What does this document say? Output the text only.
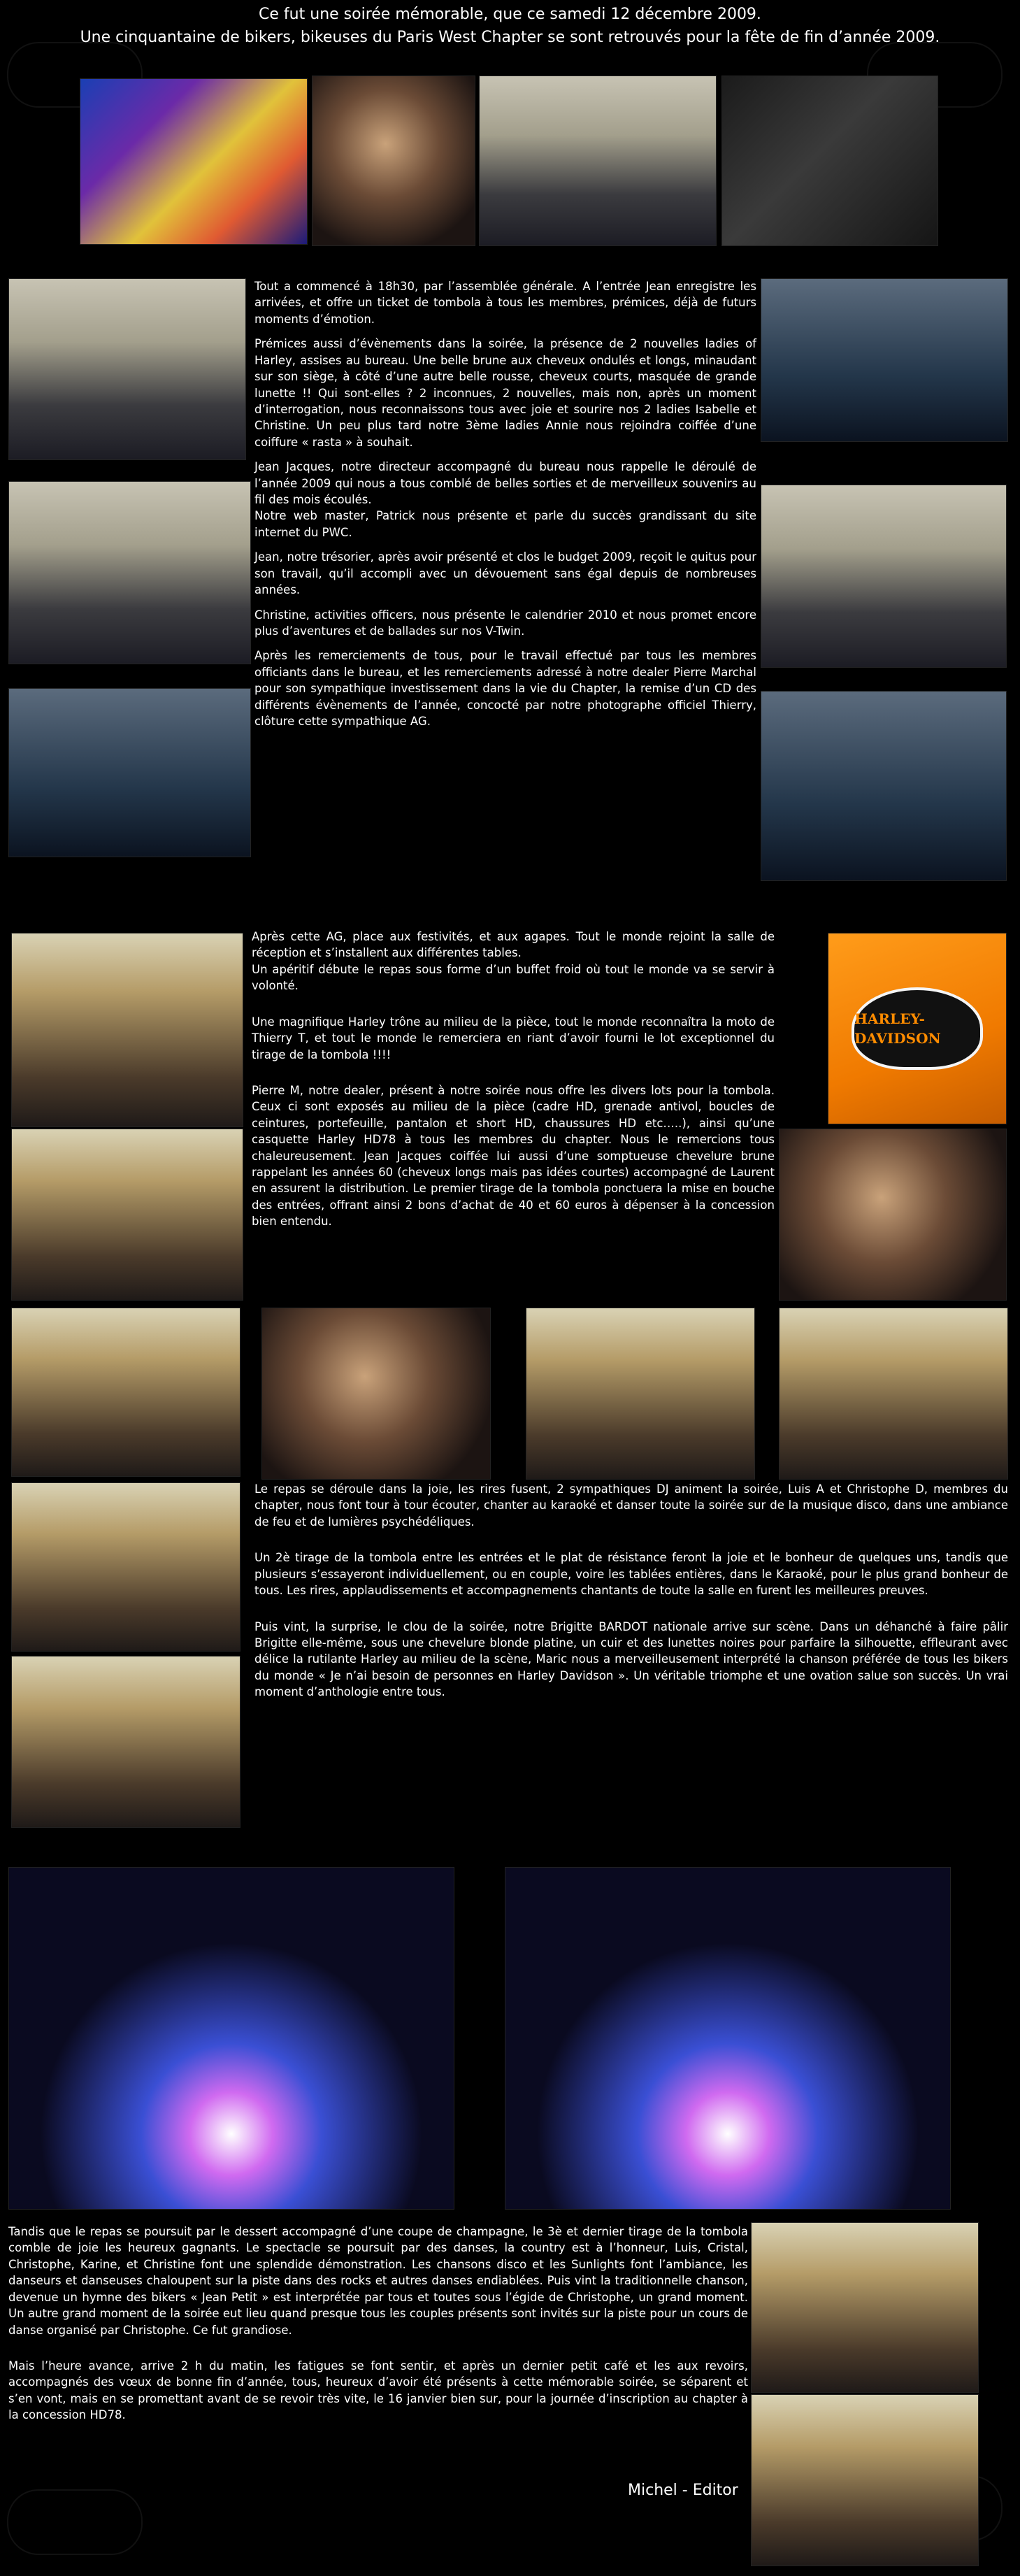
Ce fut une soirée mémorable, que ce samedi 12 décembre 2009.
Une cinquantaine de bikers, bikeuses du Paris West Chapter se sont retrouvés pour la fête de fin d’année 2009.

Tout a commencé à 18h30, par l’assemblée générale. A l’entrée Jean enregistre les arrivées, et offre un ticket de tombola à tous les membres, prémices, déjà de futurs moments d’émotion.

Prémices aussi d’évènements dans la soirée, la présence de 2 nouvelles ladies of Harley, assises au bureau. Une belle brune aux cheveux ondulés et longs, minaudant sur son siège, à côté d’une autre belle rousse, cheveux courts, masquée de grande lunette !! Qui sont-elles ? 2 inconnues, 2 nouvelles, mais non, après un moment d’interrogation, nous reconnaissons tous avec joie et sourire nos 2 ladies Isabelle et Christine. Un peu plus tard notre 3ème ladies Annie nous rejoindra coiffée d’une coiffure « rasta » à souhait.

Jean Jacques, notre directeur accompagné du bureau nous rappelle le déroulé de l’année 2009 qui nous a tous comblé de belles sorties et de merveilleux souvenirs au fil des mois écoulés.

Notre web master, Patrick nous présente et parle du succès grandissant du site internet du PWC.

Jean, notre trésorier, après avoir présenté et clos le budget 2009, reçoit le quitus pour son travail, qu’il accompli avec un dévouement sans égal depuis de nombreuses années.

Christine, activities officers, nous présente le calendrier 2010 et nous promet encore plus d’aventures et de ballades sur nos V-Twin.

Après les remerciements de tous, pour le travail effectué par tous les membres officiants dans le bureau, et les remerciements adressé à notre dealer Pierre Marchal pour son sympathique investissement dans la vie du Chapter, la remise d’un CD des différents évènements de l’année, concocté par notre photographe officiel Thierry, clôture cette sympathique AG.

HARLEY-DAVIDSON

Après cette AG, place aux festivités, et aux agapes. Tout le monde rejoint la salle de réception et s’installent aux différentes tables.

Un apéritif débute le repas sous forme d’un buffet froid où tout le monde va se servir à volonté.

Une magnifique Harley trône au milieu de la pièce, tout le monde reconnaîtra la moto de Thierry T, et tout le monde le remerciera en riant d’avoir fourni le lot exceptionnel du tirage de la tombola !!!!

Pierre M, notre dealer, présent à notre soirée nous offre les divers lots pour la tombola. Ceux ci sont exposés au milieu de la pièce (cadre HD, grenade antivol, boucles de ceintures, portefeuille, pantalon et short HD, chaussures HD etc…..), ainsi qu’une casquette Harley HD78 à tous les membres du chapter. Nous le remercions tous chaleureusement. Jean Jacques coiffée lui aussi d’une somptueuse chevelure brune rappelant les années 60 (cheveux longs mais pas idées courtes) accompagné de Laurent en assurent la distribution. Le premier tirage de la tombola ponctuera la mise en bouche des entrées, offrant ainsi 2 bons d’achat de 40 et 60 euros à dépenser à la concession bien entendu.

Le repas se déroule dans la joie, les rires fusent, 2 sympathiques DJ animent la soirée, Luis A et Christophe D, membres du chapter, nous font tour à tour écouter, chanter au karaoké et danser toute la soirée sur de la musique disco, dans une ambiance de feu et de lumières psychédéliques.

Un 2è tirage de la tombola entre les entrées et le plat de résistance feront la joie et le bonheur de quelques uns, tandis que plusieurs s’essayeront individuellement, ou en couple, voire les tablées entières, dans le Karaoké, pour le plus grand bonheur de tous. Les rires, applaudissements et accompagnements chantants de toute la salle en furent les meilleures preuves.

Puis vint, la surprise, le clou de la soirée, notre Brigitte BARDOT nationale arrive sur scène. Dans un déhanché à faire pâlir Brigitte elle-même, sous une chevelure blonde platine, un cuir et des lunettes noires pour parfaire la silhouette, effleurant avec délice la rutilante Harley au milieu de la scène, Maric nous a merveilleusement interprété la chanson préférée de tous les bikers du monde « Je n’ai besoin de personnes en Harley Davidson ». Un véritable triomphe et une ovation salue son succès. Un vrai moment d’anthologie entre tous.

Tandis que le repas se poursuit par le dessert accompagné d’une coupe de champagne, le 3è et dernier tirage de la tombola comble de joie les heureux gagnants. Le spectacle se poursuit par des danses, la country est à l’honneur, Luis, Cristal, Christophe, Karine, et Christine font une splendide démonstration. Les chansons disco et les Sunlights font l’ambiance, les danseurs et danseuses chaloupent sur la piste dans des rocks et autres danses endiablées. Puis vint la traditionnelle chanson, devenue un hymne des bikers « Jean Petit » est interprétée par tous et toutes sous l’égide de Christophe, un grand moment. Un autre grand moment de la soirée eut lieu quand presque tous les couples présents sont invités sur la piste pour un cours de danse organisé par Christophe. Ce fut grandiose.

Mais l’heure avance, arrive 2 h du matin, les fatigues se font sentir, et après un dernier petit café et les aux revoirs, accompagnés des vœux de bonne fin d’année, tous, heureux d’avoir été présents à cette mémorable soirée, se séparent et s’en vont, mais en se promettant avant de se revoir très vite, le 16 janvier bien sur, pour la journée d’inscription au chapter à la concession HD78.

Michel - Editor
